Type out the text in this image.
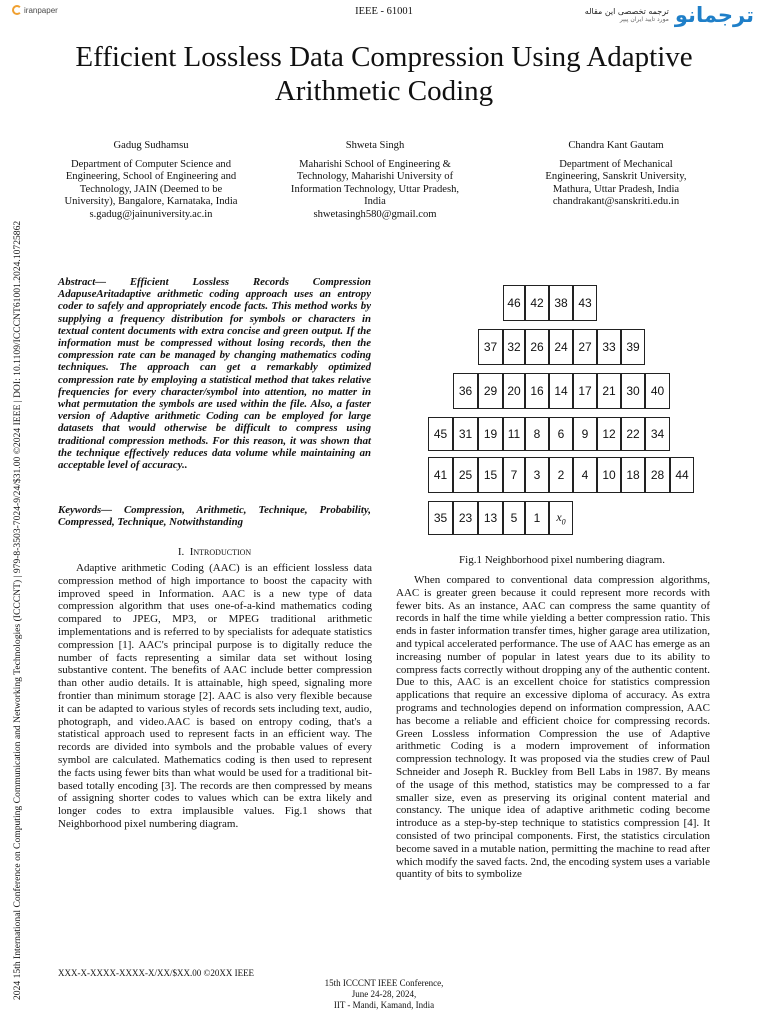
iranpaper	IEEE - 61001	ترجمه تخصصی این مقاله
مورد تایید ایران پیپر ترجمانو
2024 15th International Conference on Computing Communication and Networking Technologies (ICCCNT) | 979-8-3503-7024-9/24/$31.00 ©2024 IEEE | DOI: 10.1109/ICCCNT61001.2024.10725862
Efficient Lossless Data Compression Using Adaptive Arithmetic Coding
Gadug Sudhamsu
Department of Computer Science and Engineering, School of Engineering and Technology, JAIN (Deemed to be University), Bangalore, Karnataka, India
s.gadug@jainuniversity.ac.in
Shweta Singh
Maharishi School of Engineering & Technology, Maharishi University of Information Technology, Uttar Pradesh, India
shwetasingh580@gmail.com
Chandra Kant Gautam
Department of Mechanical Engineering, Sanskrit University, Mathura, Uttar Pradesh, India
chandrakant@sanskriti.edu.in
Abstract— Efficient Lossless Records Compression AdapuseAritadaptive arithmetic coding approach uses an entropy coder to safely and appropriately encode facts. This method works by supplying a frequency distribution for symbols or characters in textual content documents with extra concise and green output. If the information must be compressed without losing records, then the compression rate can be managed by changing mathematics coding techniques. The approach can get a remarkably optimized compression rate by employing a statistical method that takes relative frequencies for every character/symbol into attention, no matter in what permutation the symbols are used within the file. Also, a faster version of Adaptive arithmetic Coding can be employed for large datasets that would otherwise be difficult to compress using traditional compression methods. For this reason, it was shown that the technique effectively reduces data volume while maintaining an acceptable level of accuracy..
Keywords— Compression, Arithmetic, Technique, Probability, Compressed, Technique, Notwithstanding
I. Introduction

Adaptive arithmetic Coding (AAC) is an efficient lossless data compression method of high importance to boost the capacity with improved speed in Information. AAC is a new type of data compression algorithm that uses one-of-a-kind mathematics coding compared to JPEG, MP3, or MPEG traditional arithmetic implementations and is referred to by specialists for adequate statistics compression [1]. AAC's principal purpose is to digitally reduce the number of facts representing a similar data set without losing substantive content. The benefits of AAC include better compression than other audio details. It is attainable, high speed, signaling more frontier than minimum storage [2]. AAC is also very flexible because it can be adapted to various styles of records sets including text, audio, photograph, and video.AAC is based on entropy coding, that's a statistical approach used to represent facts in an efficient way. The records are divided into symbols and the probable values of every symbol are calculated. Mathematics coding is then used to represent the facts using fewer bits than what would be used for a traditional bit-based totally encoding [3]. The records are then compressed by means of assigning shorter codes to values which can be extra likely and longer codes to extra implausible values. Fig.1 shows that Neighborhood pixel numbering diagram.

46 42 38 43
37 32 26 24 27 33 39
36 29 20 16 14 17 21 30 40
45 31 19 11	8	6	9	12 22 34
41 25 15	7	3	2	4	10 18 28 44
35 23 13	5	1	$x_0$
Fig.1 Neighborhood pixel numbering diagram.

When compared to conventional data compression algorithms, AAC is greater green because it could represent more records with fewer bits. As an instance, AAC can compress the same quantity of records in half the time while yielding a better compression ratio. This ends in faster information transfer times, higher garage area utilization, and typical accelerated performance. The use of AAC has emerge as an increasing number of popular in latest years due to its ability to compress facts correctly without dropping any of the authentic content. Due to this, AAC is an excellent choice for statistics compression applications that require an excessive diploma of accuracy. As extra programs and technologies depend on information compression, AAC has become a reliable and efficient choice for compressing records. Green Lossless information Compression the use of Adaptive arithmetic Coding is a modern improvement of information compression technology. It was proposed via the studies crew of Paul Schneider and Joseph R. Buckley from Bell Labs in 1987. By means of the usage of this method, statistics may be compressed to a far smaller size, even as preserving its original content material and constancy. The unique idea of adaptive arithmetic coding become introduce as a step-by-step technique to statistics compression [4]. It consisted of two principal components. First, the statistics circulation become saved in a mutable nation, permitting the machine to read after which modify the saved facts. 2nd, the encoding system uses a variable quantity of bits to symbolize

XXX-X-XXXX-XXXX-X/XX/$XX.00 ©20XX IEEE
15th ICCCNT IEEE Conference,
June 24-28, 2024,
IIT - Mandi, Kamand, India
